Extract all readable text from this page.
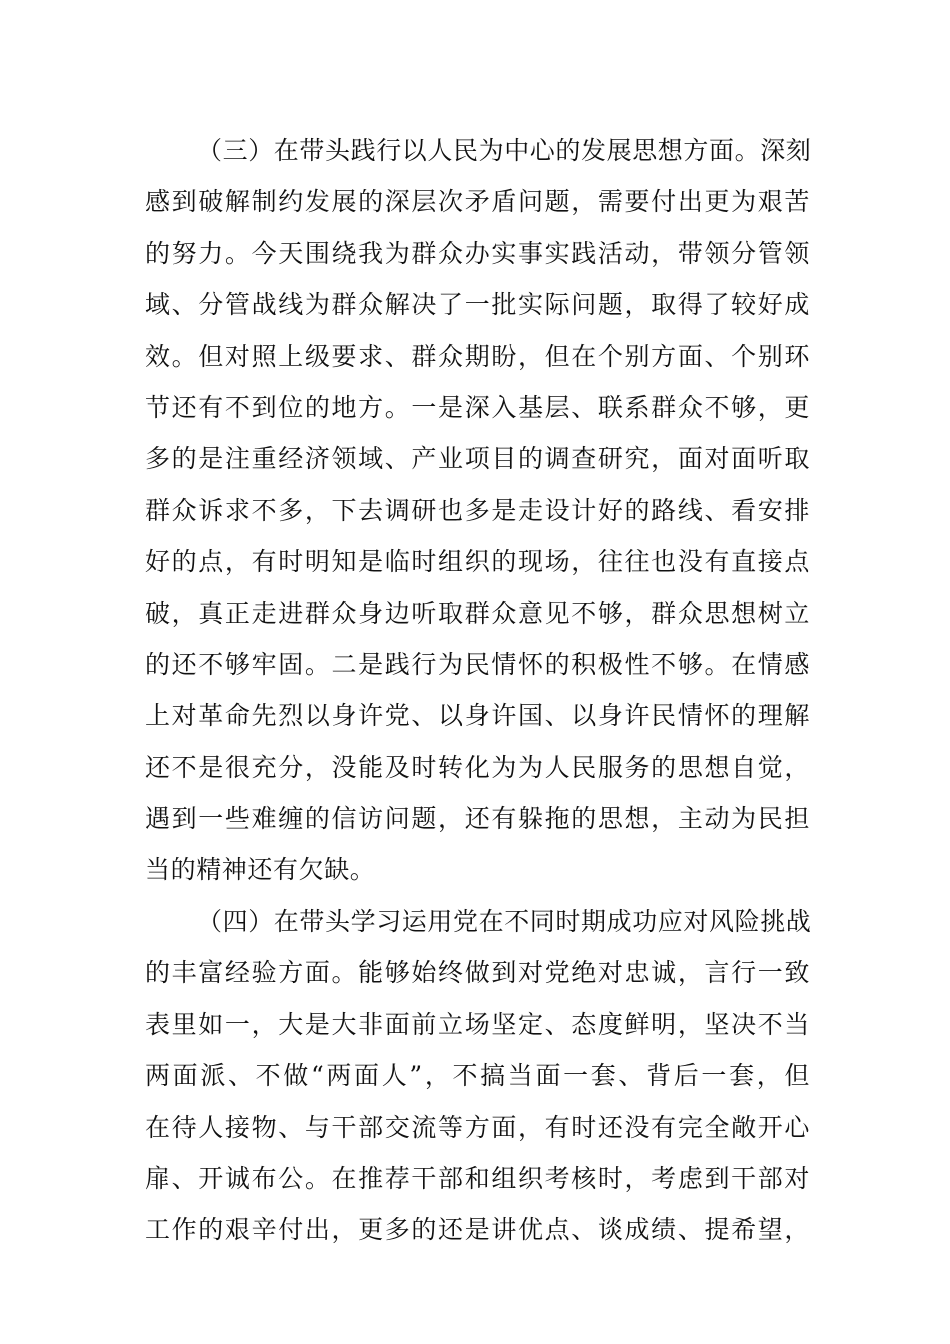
（三）在带头践行以人民为中心的发展思想方面。深刻
感到破解制约发展的深层次矛盾问题，需要付出更为艰苦
的努力。今天围绕我为群众办实事实践活动，带领分管领
域、分管战线为群众解决了一批实际问题，取得了较好成
效。但对照上级要求、群众期盼，但在个别方面、个别环
节还有不到位的地方。一是深入基层、联系群众不够，更
多的是注重经济领域、产业项目的调查研究，面对面听取
群众诉求不多，下去调研也多是走设计好的路线、看安排
好的点，有时明知是临时组织的现场，往往也没有直接点
破，真正走进群众身边听取群众意见不够，群众思想树立
的还不够牢固。二是践行为民情怀的积极性不够。在情感
上对革命先烈以身许党、以身许国、以身许民情怀的理解
还不是很充分，没能及时转化为为人民服务的思想自觉，
遇到一些难缠的信访问题，还有躲拖的思想，主动为民担
当的精神还有欠缺。
（四）在带头学习运用党在不同时期成功应对风险挑战
的丰富经验方面。能够始终做到对党绝对忠诚，言行一致
表里如一，大是大非面前立场坚定、态度鲜明，坚决不当
两面派、不做“两面人”，不搞当面一套、背后一套，但
在待人接物、与干部交流等方面，有时还没有完全敞开心
扉、开诚布公。在推荐干部和组织考核时，考虑到干部对
工作的艰辛付出，更多的还是讲优点、谈成绩、提希望，
